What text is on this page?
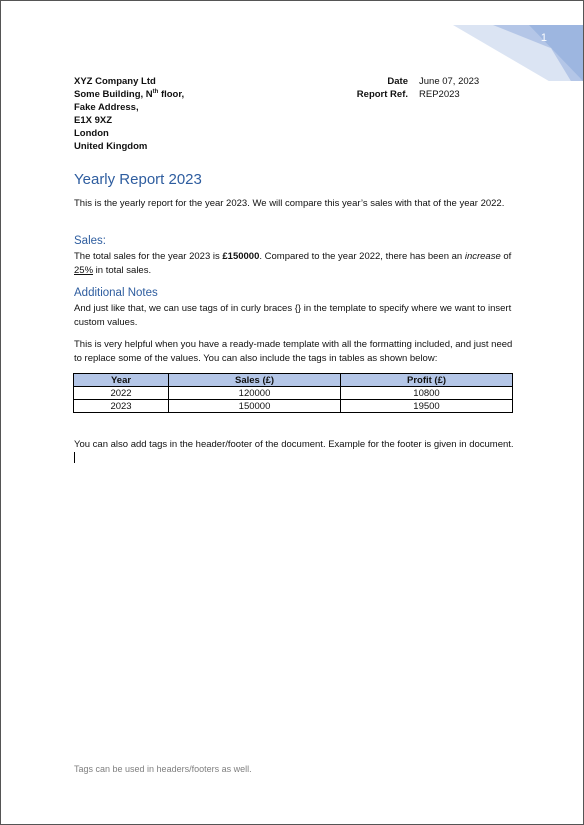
1
XYZ Company Ltd
Some Building, $N^{th}$ floor,
Fake Address,
E1X 9XZ
London
United Kingdom
Date	June 07, 2023
Report Ref.	REP2023
Yearly Report 2023
This is the yearly report for the year 2023. We will compare this year’s sales with that of the year 2022.
Sales:
The total sales for the year 2023 is £150000. Compared to the year 2022, there has been an increase of 25% in total sales.
Additional Notes
And just like that, we can use tags of in curly braces {} in the template to specify where we want to insert custom values.
This is very helpful when you have a ready-made template with all the formatting included, and just need to replace some of the values. You can also include the tags in tables as shown below:
Year	Sales (£)	Profit (£)
2022	120000	10800
2023	150000	19500
You can also add tags in the header/footer of the document. Example for the footer is given in document.
Tags can be used in headers/footers as well.
